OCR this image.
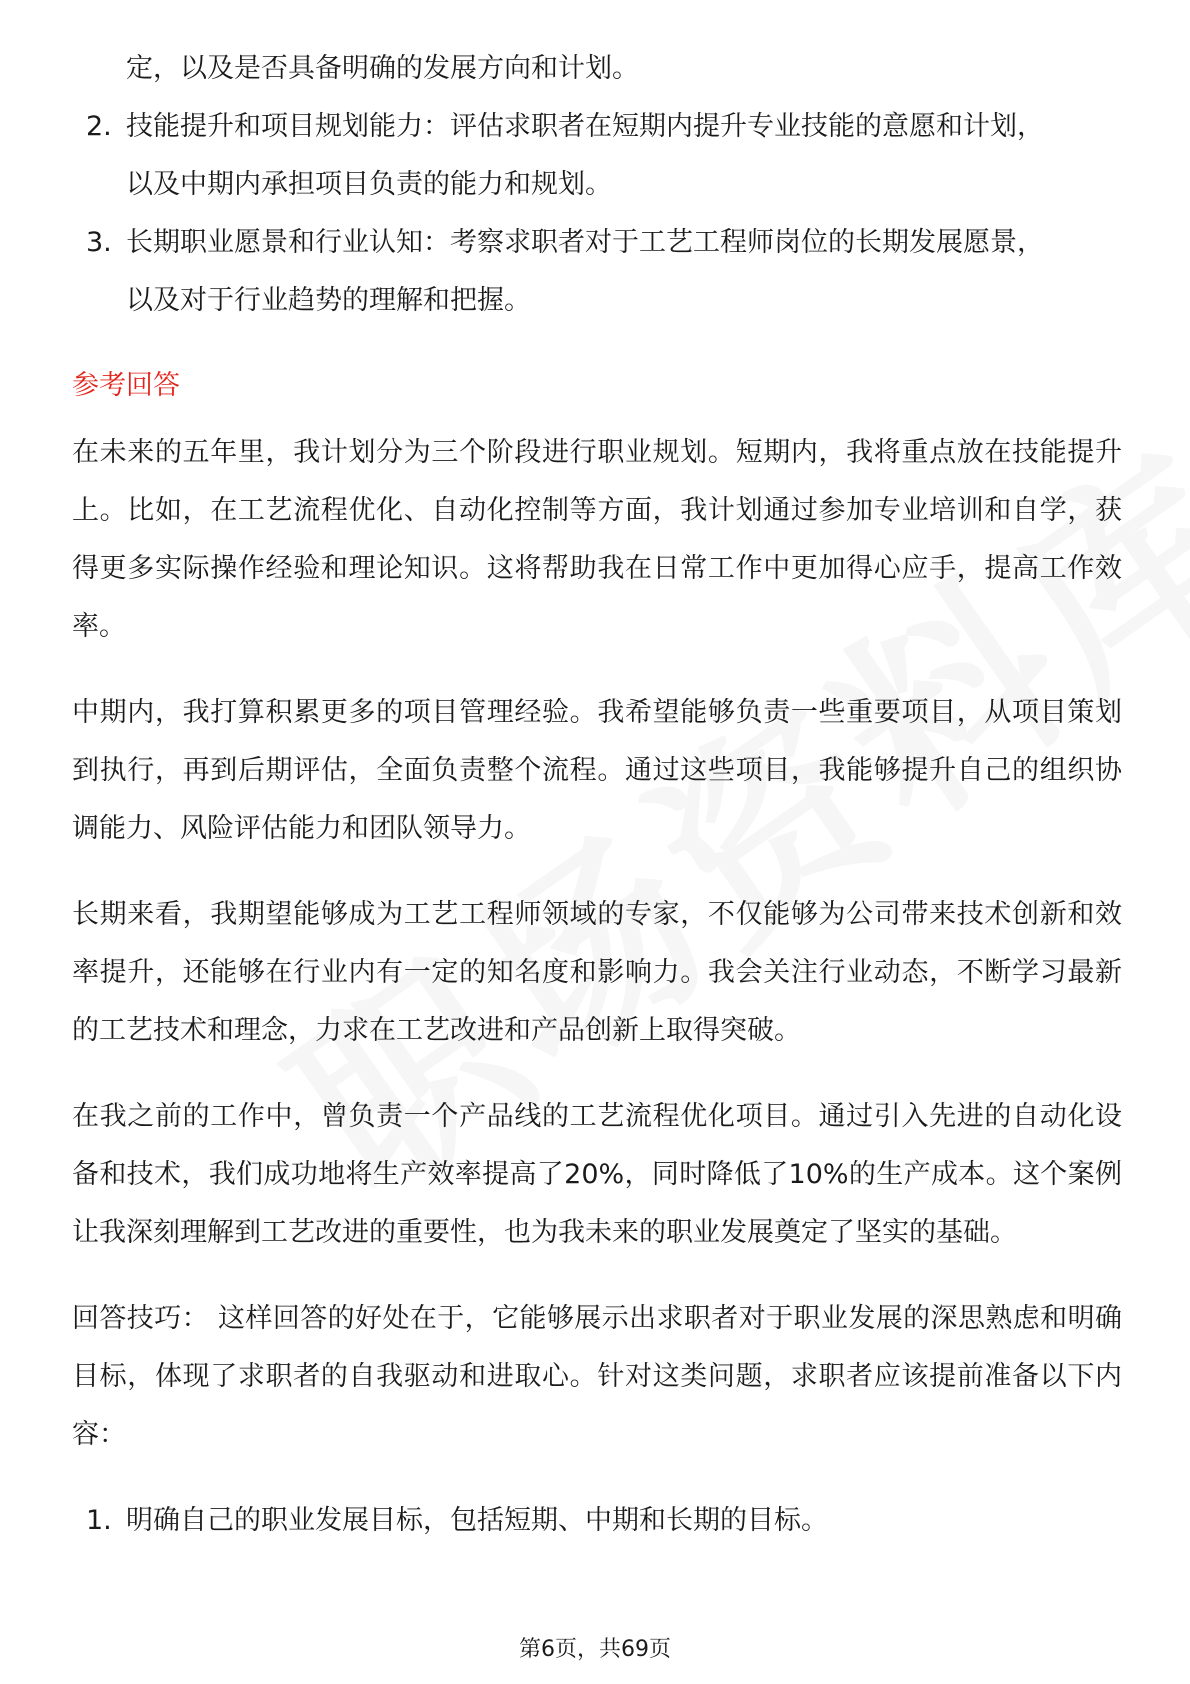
定，以及是否具备明确的发展方向和计划。
2. 技能提升和项目规划能力：评估求职者在短期内提升专业技能的意愿和计划，
以及中期内承担项目负责的能力和规划。
3. 长期职业愿景和行业认知：考察求职者对于工艺工程师岗位的长期发展愿景，
以及对于行业趋势的理解和把握。
参考回答

在未来的五年里，我计划分为三个阶段进行职业规划。短期内，我将重点放在技能提升上。比如，在工艺流程优化、自动化控制等方面，我计划通过参加专业培训和自学，获得更多实际操作经验和理论知识。这将帮助我在日常工作中更加得心应手，提高工作效率。

中期内，我打算积累更多的项目管理经验。我希望能够负责一些重要项目，从项目策划到执行，再到后期评估，全面负责整个流程。通过这些项目，我能够提升自己的组织协调能力、风险评估能力和团队领导力。

长期来看，我期望能够成为工艺工程师领域的专家，不仅能够为公司带来技术创新和效率提升，还能够在行业内有一定的知名度和影响力。我会关注行业动态，不断学习最新的工艺技术和理念，力求在工艺改进和产品创新上取得突破。

在我之前的工作中，曾负责一个产品线的工艺流程优化项目。通过引入先进的自动化设备和技术，我们成功地将生产效率提高了20%，同时降低了10%的生产成本。这个案例让我深刻理解到工艺改进的重要性，也为我未来的职业发展奠定了坚实的基础。

回答技巧： 这样回答的好处在于，它能够展示出求职者对于职业发展的深思熟虑和明确目标，体现了求职者的自我驱动和进取心。针对这类问题，求职者应该提前准备以下内容：

1. 明确自己的职业发展目标，包括短期、中期和长期的目标。
第6页，共69页
